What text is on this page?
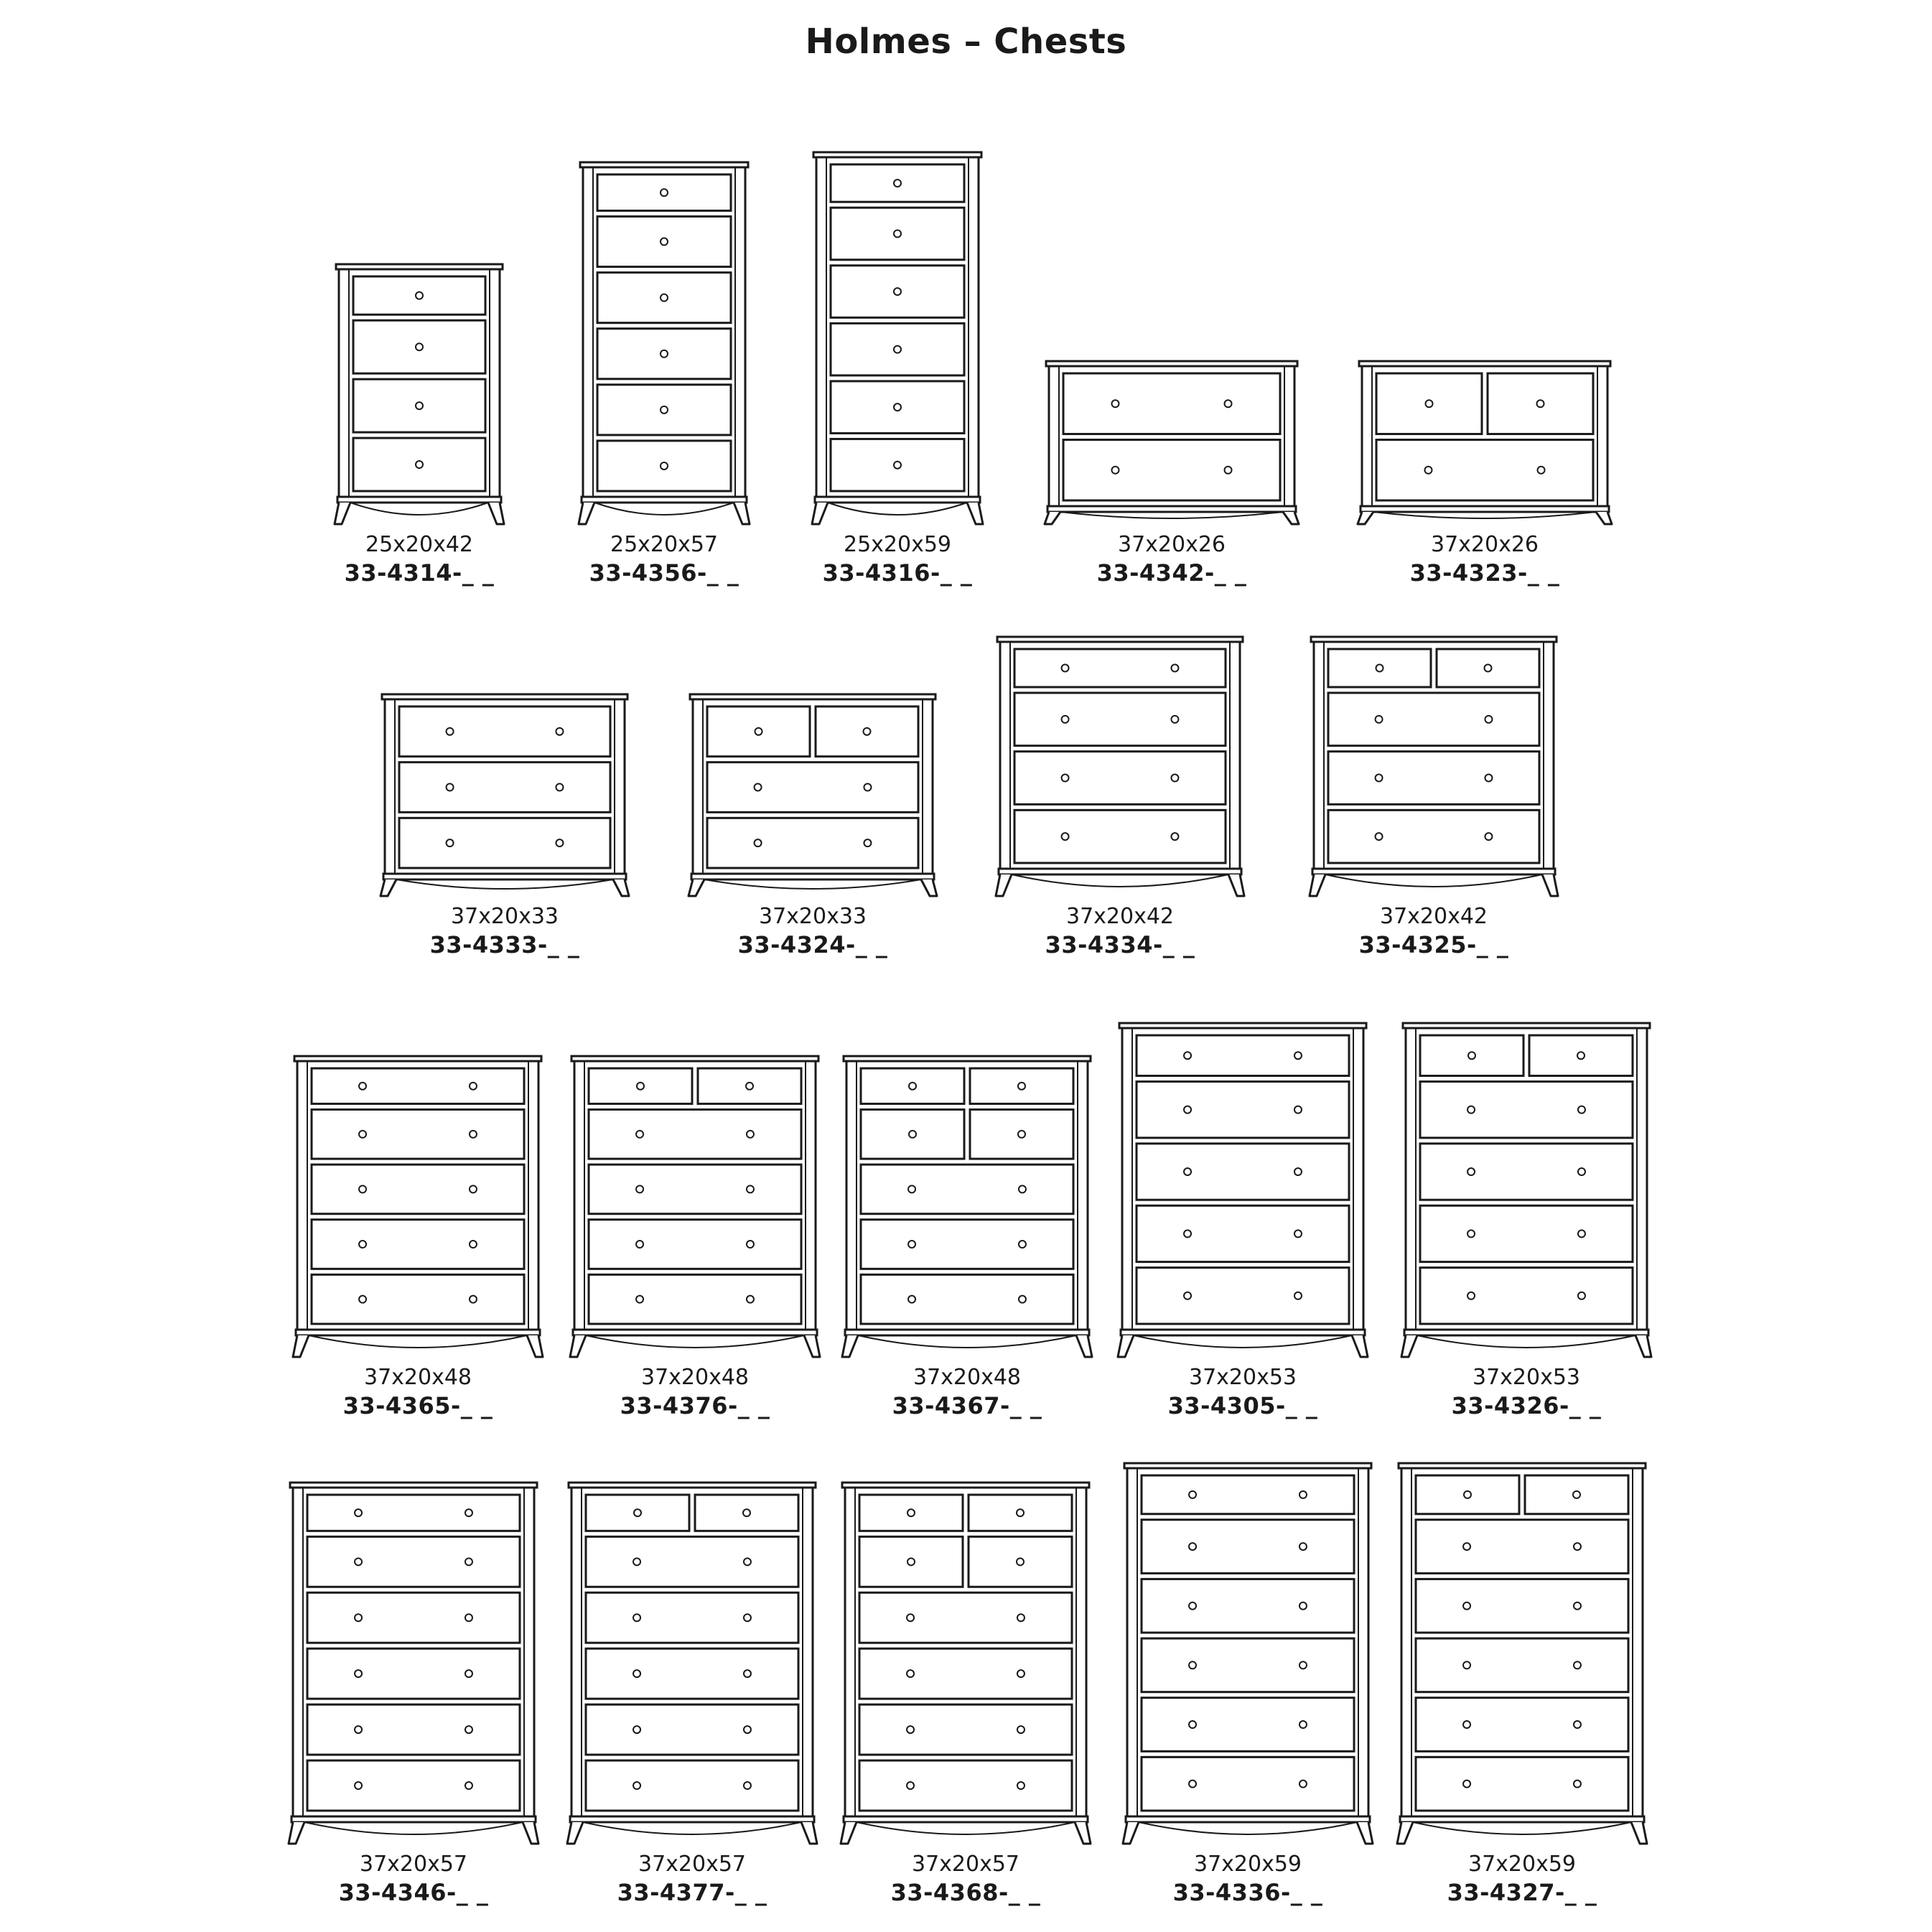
Holmes – Chests
25x20x42
33-4314-_ _
25x20x57
33-4356-_ _
25x20x59
33-4316-_ _
37x20x26
33-4342-_ _
37x20x26
33-4323-_ _
37x20x33
33-4333-_ _
37x20x33
33-4324-_ _
37x20x42
33-4334-_ _
37x20x42
33-4325-_ _
37x20x48
33-4365-_ _
37x20x48
33-4376-_ _
37x20x48
33-4367-_ _
37x20x53
33-4305-_ _
37x20x53
33-4326-_ _
37x20x57
33-4346-_ _
37x20x57
33-4377-_ _
37x20x57
33-4368-_ _
37x20x59
33-4336-_ _
37x20x59
33-4327-_ _
